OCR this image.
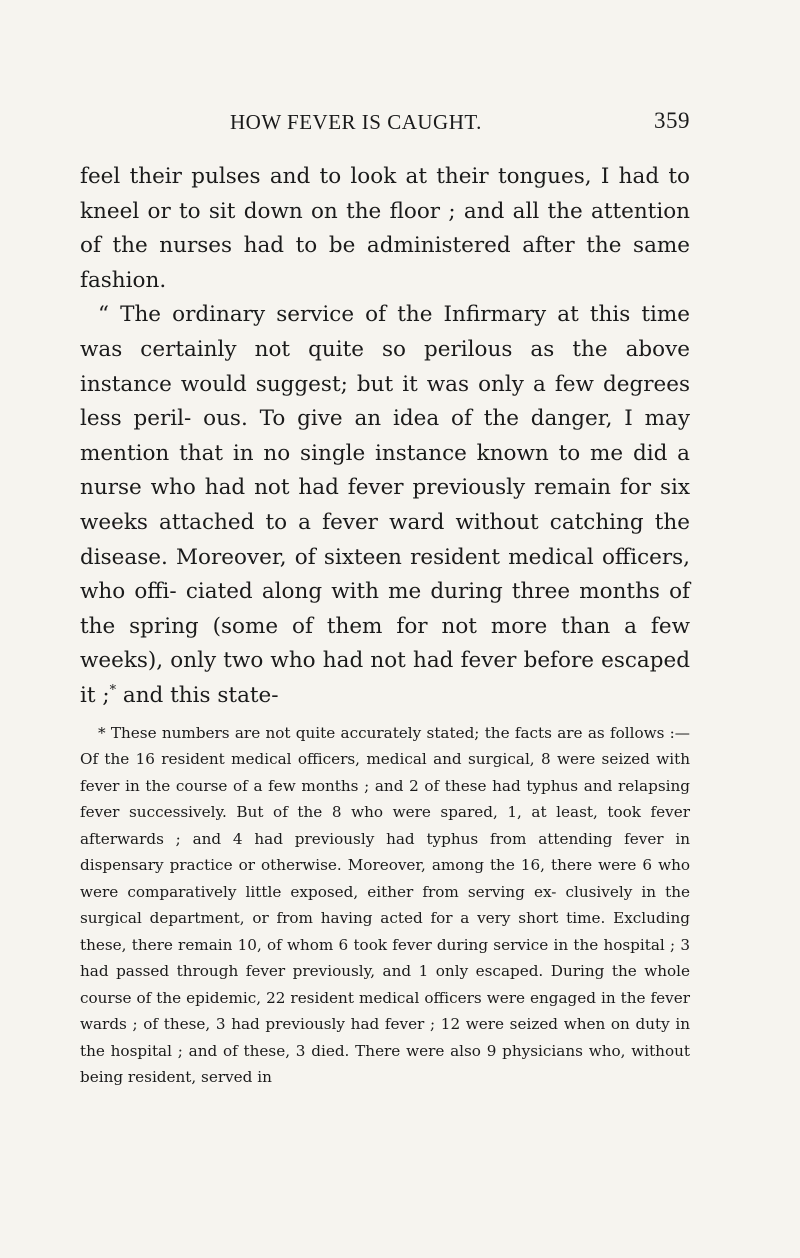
HOW FEVER IS CAUGHT.	359

feel their pulses and to look at their tongues, I had to kneel or to sit down on the floor ; and all the attention of the nurses had to be administered after the same fashion.

“ The ordinary service of the Infirmary at this time was certainly not quite so perilous as the above instance would suggest; but it was only a few degrees less peril- ous. To give an idea of the danger, I may mention that in no single instance known to me did a nurse who had not had fever previously remain for six weeks attached to a fever ward without catching the disease. Moreover, of sixteen resident medical officers, who offi- ciated along with me during three months of the spring (some of them for not more than a few weeks), only two who had not had fever before escaped it ;* and this state-

* These numbers are not quite accurately stated; the facts are as follows :—Of the 16 resident medical officers, medical and surgical, 8 were seized with fever in the course of a few months ; and 2 of these had typhus and relapsing fever successively. But of the 8 who were spared, 1, at least, took fever afterwards ; and 4 had previously had typhus from attending fever in dispensary practice or otherwise. Moreover, among the 16, there were 6 who were comparatively little exposed, either from serving ex- clusively in the surgical department, or from having acted for a very short time. Excluding these, there remain 10, of whom 6 took fever during service in the hospital ; 3 had passed through fever previously, and 1 only escaped. During the whole course of the epidemic, 22 resident medical officers were engaged in the fever wards ; of these, 3 had previously had fever ; 12 were seized when on duty in the hospital ; and of these, 3 died. There were also 9 physicians who, without being resident, served in
